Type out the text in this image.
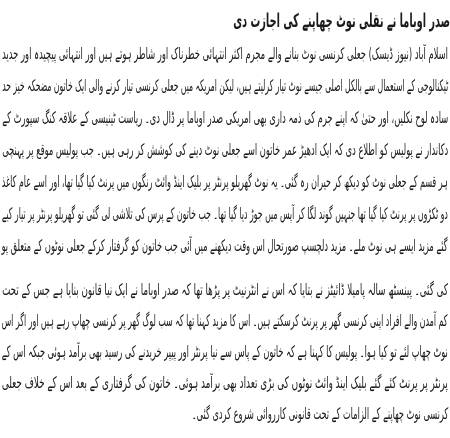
صدر اوباما نے نقلی نوٹ چھاپنے کی اجازت دی
اسلام آباد (نیوز ڈیسک) جعلی کرنسی نوٹ بنانے والے مجرم اکثر انتہائی خطرناک اور شاطر ہوتے ہیں اور انتہائی پیچیدہ اور جدید
ٹیکنالوجی کے استعمال سے بالکل اصلی جیسے نوٹ تیار کرلیتے ہیں، لیکن امریکہ میں جعلی کرنسی تیار کرنے والی ایک خاتون مضحکہ خیز حد
سادہ لوح نکلیں، اور حتیٰ کہ اپنے جرم کی ذمہ داری بھی امریکی صدر اوباما پر ڈال دی۔ ریاست ٹینیسی کے علاقہ کنگ سپورٹ کے
دکاندار نے پولیس کو اطلاع دی کہ ایک ادھیڑ عمر خاتون اسے جعلی نوٹ دینے کی کوشش کر رہی ہیں۔ جب پولیس موقع پر پہنچی
ہر قسم کے جعلی نوٹ کو دیکھ کر حیران رہ گئی۔ یہ نوٹ گھریلو پرنٹر پر بلیک اینڈ وائٹ رنگوں میں پرنٹ کیا گیا تھا، اور اسے عام کاغذ
دو ٹکڑوں پر پرنٹ کیا گیا تھا جنہیں گوند لگا کر آپس میں جوڑ دیا گیا تھا۔ جب خاتون کے پرس کی تلاشی لی گئی تو گھریلو پرنٹر پر تیار کیے
گئے مزید ایسے ہی نوٹ ملے۔ مزید دلچسپ صورتحال اس وقت دیکھنے میں آئی جب خاتون کو گرفتار کرکے جعلی نوٹوں کے متعلق پو
کی گئی۔ پینسٹھ سالہ پامیلا ڈائیٹز نے بتایا کہ اس نے انٹرنیٹ پر پڑھا تھا کہ صدر اوباما نے ایک نیا قانون بنایا ہے جس کے تحت
کم آمدن والے افراد اپنی کرنسی گھر پر پرنٹ کرسکتے ہیں۔ اس کا مزید کہنا تھا کہ سب لوگ گھر پر کرنسی چھاپ رہے ہیں اور اگر اس
نوٹ چھاپ لئے تو کیا ہوا۔ پولیس کا کہنا ہے کہ خاتون کے پاس سے نیا پرنٹر اور پیپر خریدنے کی رسید بھی برآمد ہوئی جبکہ اس کے
پرنٹر پر پرنٹ کئے گئے بلیک اینڈ وائٹ نوٹوں کی بڑی تعداد بھی برآمد ہوئی۔ خاتون کی گرفتاری کے بعد اس کے خلاف جعلی
کرنسی نوٹ چھاپنے کے الزامات کے تحت قانونی کارروائی شروع کردی گئی۔
